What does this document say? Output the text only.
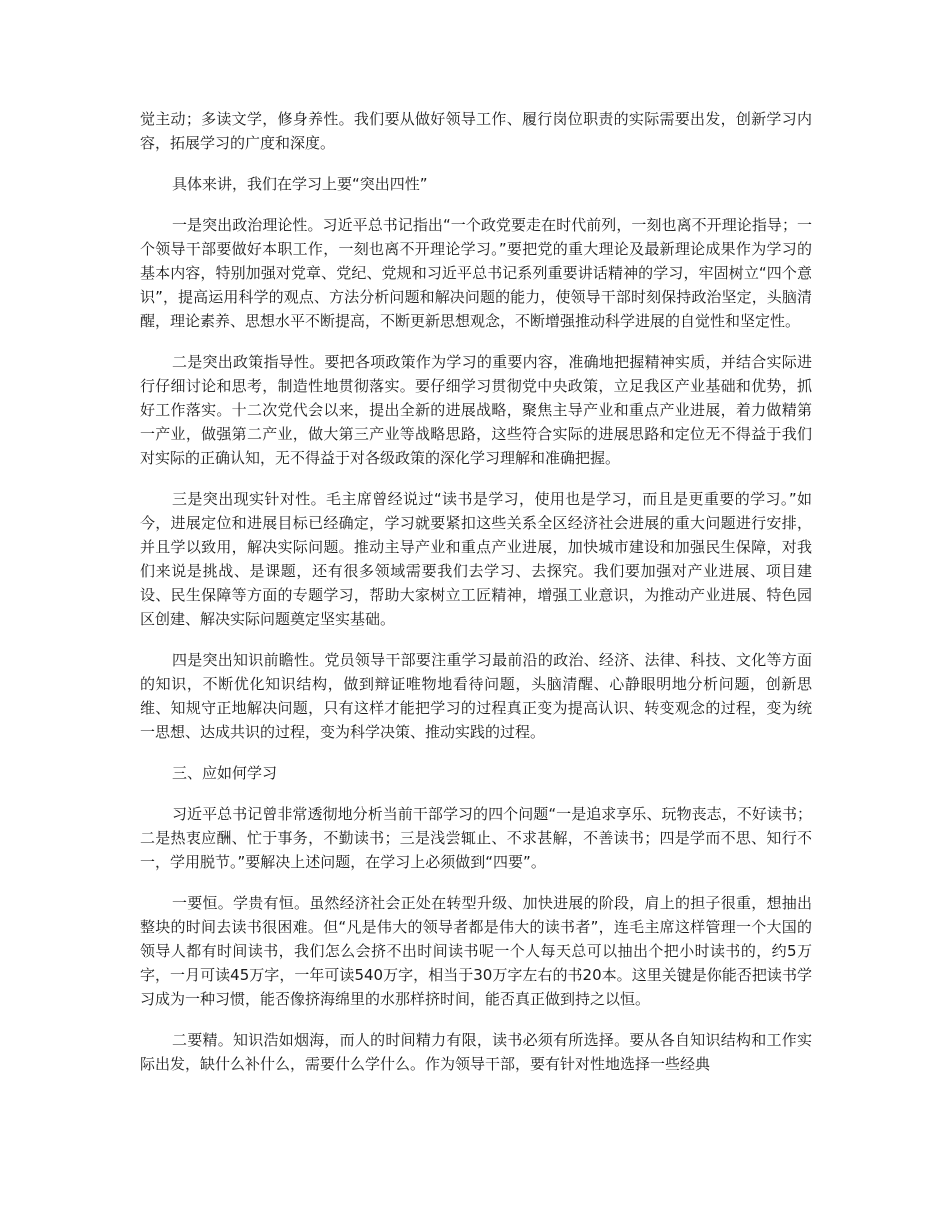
觉主动；多读文学，修身养性。我们要从做好领导工作、履行岗位职责的实际需要出发，创新学习内容，拓展学习的广度和深度。

具体来讲，我们在学习上要“突出四性”

一是突出政治理论性。习近平总书记指出“一个政党要走在时代前列，一刻也离不开理论指导；一个领导干部要做好本职工作，一刻也离不开理论学习。”要把党的重大理论及最新理论成果作为学习的基本内容，特别加强对党章、党纪、党规和习近平总书记系列重要讲话精神的学习，牢固树立“四个意识”，提高运用科学的观点、方法分析问题和解决问题的能力，使领导干部时刻保持政治坚定，头脑清醒，理论素养、思想水平不断提高，不断更新思想观念，不断增强推动科学进展的自觉性和坚定性。

二是突出政策指导性。要把各项政策作为学习的重要内容，准确地把握精神实质，并结合实际进行仔细讨论和思考，制造性地贯彻落实。要仔细学习贯彻党中央政策，立足我区产业基础和优势，抓好工作落实。十二次党代会以来，提出全新的进展战略，聚焦主导产业和重点产业进展，着力做精第一产业，做强第二产业，做大第三产业等战略思路，这些符合实际的进展思路和定位无不得益于我们对实际的正确认知，无不得益于对各级政策的深化学习理解和准确把握。

三是突出现实针对性。毛主席曾经说过“读书是学习，使用也是学习，而且是更重要的学习。”如今，进展定位和进展目标已经确定，学习就要紧扣这些关系全区经济社会进展的重大问题进行安排，并且学以致用，解决实际问题。推动主导产业和重点产业进展，加快城市建设和加强民生保障，对我们来说是挑战、是课题，还有很多领域需要我们去学习、去探究。我们要加强对产业进展、项目建设、民生保障等方面的专题学习，帮助大家树立工匠精神，增强工业意识，为推动产业进展、特色园区创建、解决实际问题奠定坚实基础。

四是突出知识前瞻性。党员领导干部要注重学习最前沿的政治、经济、法律、科技、文化等方面的知识，不断优化知识结构，做到辩证唯物地看待问题，头脑清醒、心静眼明地分析问题，创新思维、知规守正地解决问题，只有这样才能把学习的过程真正变为提高认识、转变观念的过程，变为统一思想、达成共识的过程，变为科学决策、推动实践的过程。

三、应如何学习

习近平总书记曾非常透彻地分析当前干部学习的四个问题“一是追求享乐、玩物丧志，不好读书；二是热衷应酬、忙于事务，不勤读书；三是浅尝辄止、不求甚解，不善读书；四是学而不思、知行不一，学用脱节。”要解决上述问题，在学习上必须做到“四要”。

一要恒。学贵有恒。虽然经济社会正处在转型升级、加快进展的阶段，肩上的担子很重，想抽出整块的时间去读书很困难。但“凡是伟大的领导者都是伟大的读书者”，连毛主席这样管理一个大国的领导人都有时间读书，我们怎么会挤不出时间读书呢一个人每天总可以抽出个把小时读书的，约5万字，一月可读45万字，一年可读540万字，相当于30万字左右的书20本。这里关键是你能否把读书学习成为一种习惯，能否像挤海绵里的水那样挤时间，能否真正做到持之以恒。

二要精。知识浩如烟海，而人的时间精力有限，读书必须有所选择。要从各自知识结构和工作实际出发，缺什么补什么，需要什么学什么。作为领导干部，要有针对性地选择一些经典
